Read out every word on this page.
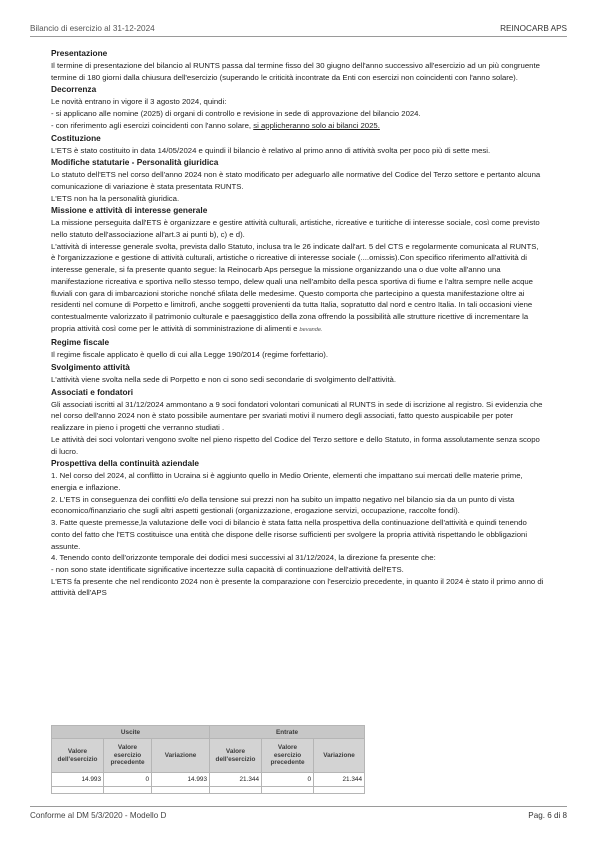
Bilancio di esercizio al 31-12-2024	REINOCARB APS
Presentazione

Il termine di presentazione del bilancio al RUNTS passa dal termine fisso del 30 giugno dell'anno successivo all'esercizio ad un più congruente termine di 180 giorni dalla chiusura dell'esercizio (superando le criticità incontrate da Enti con esercizi non coincidenti con l'anno solare).

Decorrenza

Le novità entrano in vigore il 3 agosto 2024, quindi:

- si applicano alle nomine (2025) di organi di controllo e revisione in sede di approvazione del bilancio 2024.

- con riferimento agli esercizi coincidenti con l'anno solare, si applicheranno solo ai bilanci 2025.

Costituzione

L'ETS è stato costituito in data 14/05/2024 e quindi il bilancio è relativo al primo anno di attività svolta per poco più di sette mesi.

Modifiche statutarie - Personalità giuridica

Lo statuto dell'ETS nel corso dell'anno 2024 non è stato modificato per adeguarlo alle normative del Codice del Terzo settore e pertanto alcuna comunicazione di variazione è stata presentata RUNTS.

L'ETS non ha la personalità giuridica.

Missione e attività di interesse generale

La missione perseguita dall'ETS è organizzare e gestire attività culturali, artistiche, ricreative e turitiche di interesse sociale, così come previsto nello statuto dell'associazione all'art.3 ai punti b), c) e d).

L'attività di interesse generale svolta, prevista dallo Statuto, inclusa tra le 26 indicate dall'art. 5 del CTS e regolarmente comunicata al RUNTS, è l'organizzazione e gestione di attività culturali, artistiche o ricreative di interesse sociale (....omissis).Con specifico riferimento all'attività di interesse generale, si fa presente quanto segue: la Reinocarb Aps persegue la missione organizzando una o due volte all'anno una manifestazione ricreativa e sportiva nello stesso tempo, delew quali una nell'ambito della pesca sportiva di fiume e l'altra sempre nelle acque fluviali con gara di imbarcazioni storiche nonché sfilata delle medesime. Questo comporta che partecipino a questa manifestazione oltre ai residenti nel comune di Porpetto e limitrofi, anche soggetti provenienti da tutta Italia, sopratutto dal nord e centro Italia. In tali occasioni viene contestualmente valorizzato il patrimonio culturale e paesaggistico della zona offrendo la possibilità alle strutture ricettive di incrementare la propria attività così come per le attività di somministrazione di alimenti e bevande.

Regime fiscale

Il regime fiscale applicato è quello di cui alla Legge 190/2014 (regime forfettario).

Svolgimento attività

L'attività viene svolta nella sede di Porpetto e non ci sono sedi secondarie di svolgimento dell'attività.

Associati e fondatori

Gli associati iscritti al 31/12/2024 ammontano a 9 soci fondatori volontari comunicati al RUNTS in sede di iscrizione al registro. Si evidenzia che nel corso dell'anno 2024 non è stato possibile aumentare per svariati motivi il numero degli associati, fatto questo auspicabile per poter realizzare in pieno i progetti che verranno studiati .

Le attività dei soci volontari vengono svolte nel pieno rispetto del Codice del Terzo settore e dello Statuto, in forma assolutamente senza scopo di lucro.

Prospettiva della continuità aziendale

1. Nel corso del 2024, al conflitto in Ucraina si è aggiunto quello in Medio Oriente, elementi che impattano sui mercati delle materie prime, energia e inflazione.

2. L'ETS in conseguenza dei conflitti e/o della tensione sui prezzi non ha subito un impatto negativo nel bilancio sia da un punto di vista economico/finanziario che sugli altri aspetti gestionali (organizzazione, erogazione servizi, occupazione, raccolte fondi).

3. Fatte queste premesse,la valutazione delle voci di bilancio è stata fatta nella prospettiva della continuazione dell'attività e quindi tenendo conto del fatto che l'ETS costituisce una entità che dispone delle risorse sufficienti per svolgere la propria attività rispettando le obbligazioni assunte.

4. Tenendo conto dell'orizzonte temporale dei dodici mesi successivi al 31/12/2024, la direzione fa presente che:

- non sono state identificate significative incertezze sulla capacità di continuazione dell'attività dell'ETS.

L'ETS fa presente che nel rendiconto 2024 non è presente la comparazione con l'esercizio precedente, in quanto il 2024 è stato il primo anno di atttività dell'APS

Uscite			Entrate		
Valore dell'esercizio	Valore esercizio precedente	Variazione	Valore dell'esercizio	Valore esercizio precedente	Variazione
14.993	0	14.993	21.344	0	21.344

Conforme al DM 5/3/2020 - Modello D	Pag. 6 di 8
